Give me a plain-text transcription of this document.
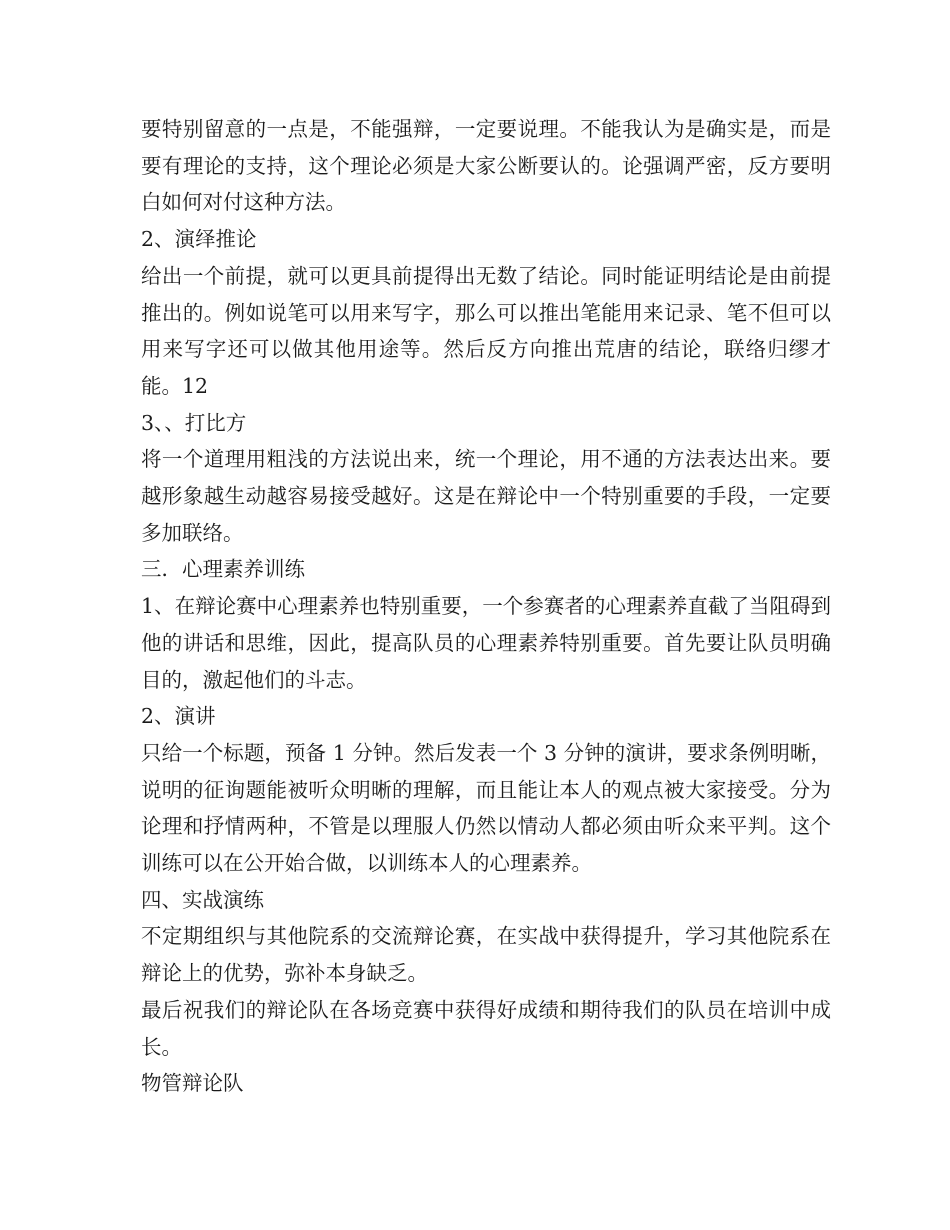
要特别留意的一点是，不能强辩，一定要说理。不能我认为是确实是，而是要有理论的支持，这个理论必须是大家公断要认的。论强调严密，反方要明白如何对付这种方法。

2、演绎推论

给出一个前提，就可以更具前提得出无数了结论。同时能证明结论是由前提推出的。例如说笔可以用来写字，那么可以推出笔能用来记录、笔不但可以用来写字还可以做其他用途等。然后反方向推出荒唐的结论，联络归缪才能。12

3、、打比方

将一个道理用粗浅的方法说出来，统一个理论，用不通的方法表达出来。要越形象越生动越容易接受越好。这是在辩论中一个特别重要的手段，一定要多加联络。

三．心理素养训练

1、在辩论赛中心理素养也特别重要，一个参赛者的心理素养直截了当阻碍到他的讲话和思维，因此，提高队员的心理素养特别重要。首先要让队员明确目的，激起他们的斗志。

2、演讲

只给一个标题，预备 1 分钟。然后发表一个 3 分钟的演讲，要求条例明晰，说明的征询题能被听众明晰的理解，而且能让本人的观点被大家接受。分为论理和抒情两种，不管是以理服人仍然以情动人都必须由听众来平判。这个训练可以在公开始合做，以训练本人的心理素养。

四、实战演练

不定期组织与其他院系的交流辩论赛，在实战中获得提升，学习其他院系在辩论上的优势，弥补本身缺乏。

最后祝我们的辩论队在各场竞赛中获得好成绩和期待我们的队员在培训中成长。

物管辩论队
